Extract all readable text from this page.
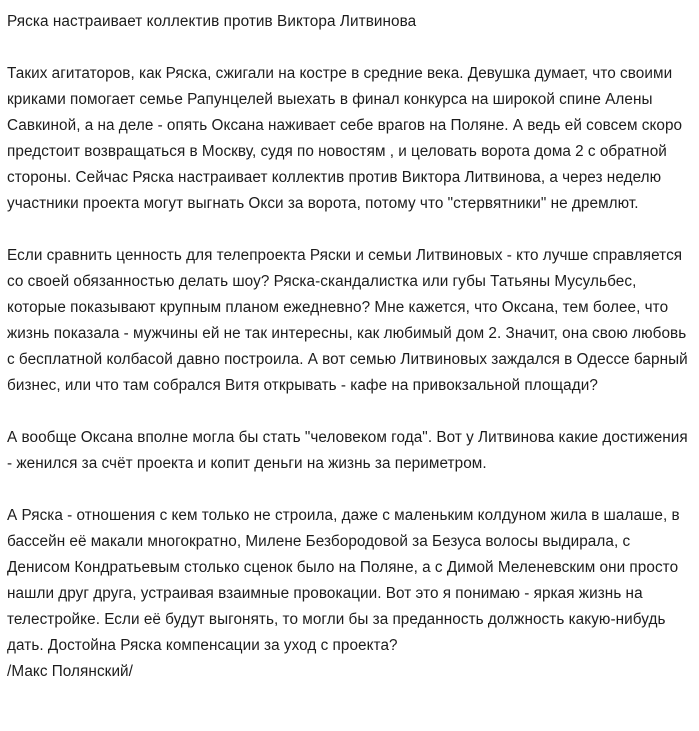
Ряска настраивает коллектив против Виктора Литвинова

Таких агитаторов, как Ряска, сжигали на костре в средние века. Девушка думает, что своими криками помогает семье Рапунцелей выехать в финал конкурса на широкой спине Алены Савкиной, а на деле - опять Оксана наживает себе врагов на Поляне. А ведь ей совсем скоро предстоит возвращаться в Москву, судя по новостям , и целовать ворота дома 2 с обратной стороны. Сейчас Ряска настраивает коллектив против Виктора Литвинова, а через неделю участники проекта могут выгнать Окси за ворота, потому что "стервятники" не дремлют.

Если сравнить ценность для телепроекта Ряски и семьи Литвиновых - кто лучше справляется со своей обязанностью делать шоу? Ряска-скандалистка или губы Татьяны Мусульбес, которые показывают крупным планом ежедневно? Мне кажется, что Оксана, тем более, что жизнь показала - мужчины ей не так интересны, как любимый дом 2. Значит, она свою любовь с бесплатной колбасой давно построила. А вот семью Литвиновых заждался в Одессе барный бизнес, или что там собрался Витя открывать - кафе на привокзальной площади?

А вообще Оксана вполне могла бы стать "человеком года". Вот у Литвинова какие достижения - женился за счёт проекта и копит деньги на жизнь за периметром.

А Ряска - отношения с кем только не строила, даже с маленьким колдуном жила в шалаше, в бассейн её макали многократно, Милене Безбородовой за Безуса волосы выдирала, с Денисом Кондратьевым столько сценок было на Поляне, а с Димой Меленевским они просто нашли друг друга, устраивая взаимные провокации. Вот это я понимаю - яркая жизнь на телестройке. Если её будут выгонять, то могли бы за преданность должность какую-нибудь дать. Достойна Ряска компенсации за уход с проекта?

/Макс Полянский/
